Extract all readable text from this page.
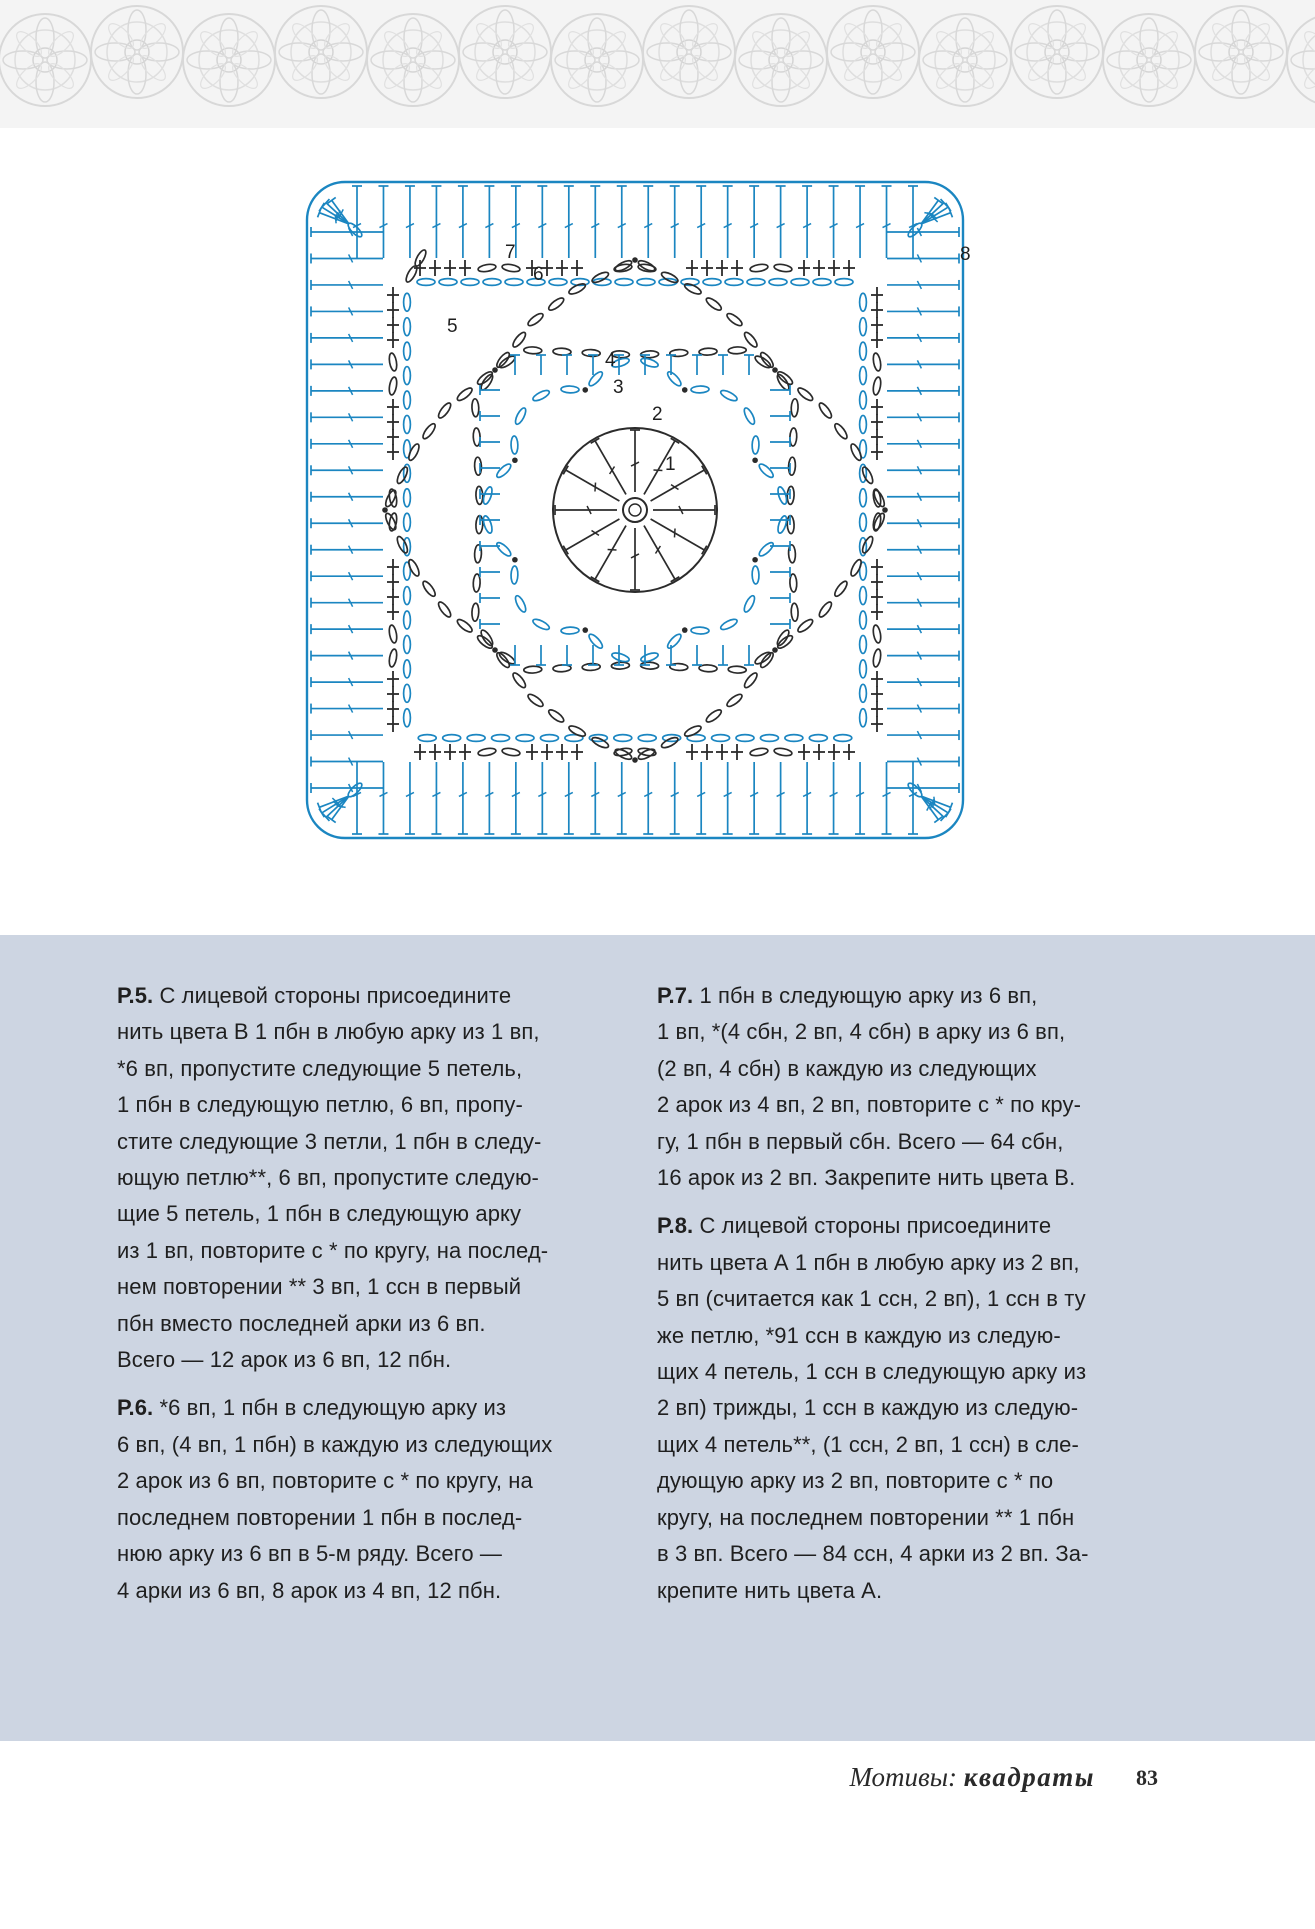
1
2
3
4
5
6
7	8
Р.5. С лицевой стороны присоедините
нить цвета В 1 пбн в любую арку из 1 вп,
*6 вп, пропустите следующие 5 петель,
1 пбн в следующую петлю, 6 вп, пропу-
стите следующие 3 петли, 1 пбн в следу-
ющую петлю**, 6 вп, пропустите следую-
щие 5 петель, 1 пбн в следующую арку
из 1 вп, повторите с * по кругу, на послед-
нем повторении ** 3 вп, 1 ссн в первый
пбн вместо последней арки из 6 вп.
Всего — 12 арок из 6 вп, 12 пбн.
Р.6. *6 вп, 1 пбн в следующую арку из
6 вп, (4 вп, 1 пбн) в каждую из следующих
2 арок из 6 вп, повторите с * по кругу, на
последнем повторении 1 пбн в послед-
нюю арку из 6 вп в 5-м ряду. Всего —
4 арки из 6 вп, 8 арок из 4 вп, 12 пбн.
Р.7. 1 пбн в следующую арку из 6 вп,
1 вп, *(4 сбн, 2 вп, 4 сбн) в арку из 6 вп,
(2 вп, 4 сбн) в каждую из следующих
2 арок из 4 вп, 2 вп, повторите с * по кру-
гу, 1 пбн в первый сбн. Всего — 64 сбн,
16 арок из 2 вп. Закрепите нить цвета В.
Р.8. С лицевой стороны присоедините
нить цвета А 1 пбн в любую арку из 2 вп,
5 вп (считается как 1 ссн, 2 вп), 1 ссн в ту
же петлю, *91 ссн в каждую из следую-
щих 4 петель, 1 ссн в следующую арку из
2 вп) трижды, 1 ссн в каждую из следую-
щих 4 петель**, (1 ссн, 2 вп, 1 ссн) в сле-
дующую арку из 2 вп, повторите с * по
кругу, на последнем повторении ** 1 пбн
в 3 вп. Всего — 84 ссн, 4 арки из 2 вп. За-
крепите нить цвета А.
Мотивы: квадраты 83
